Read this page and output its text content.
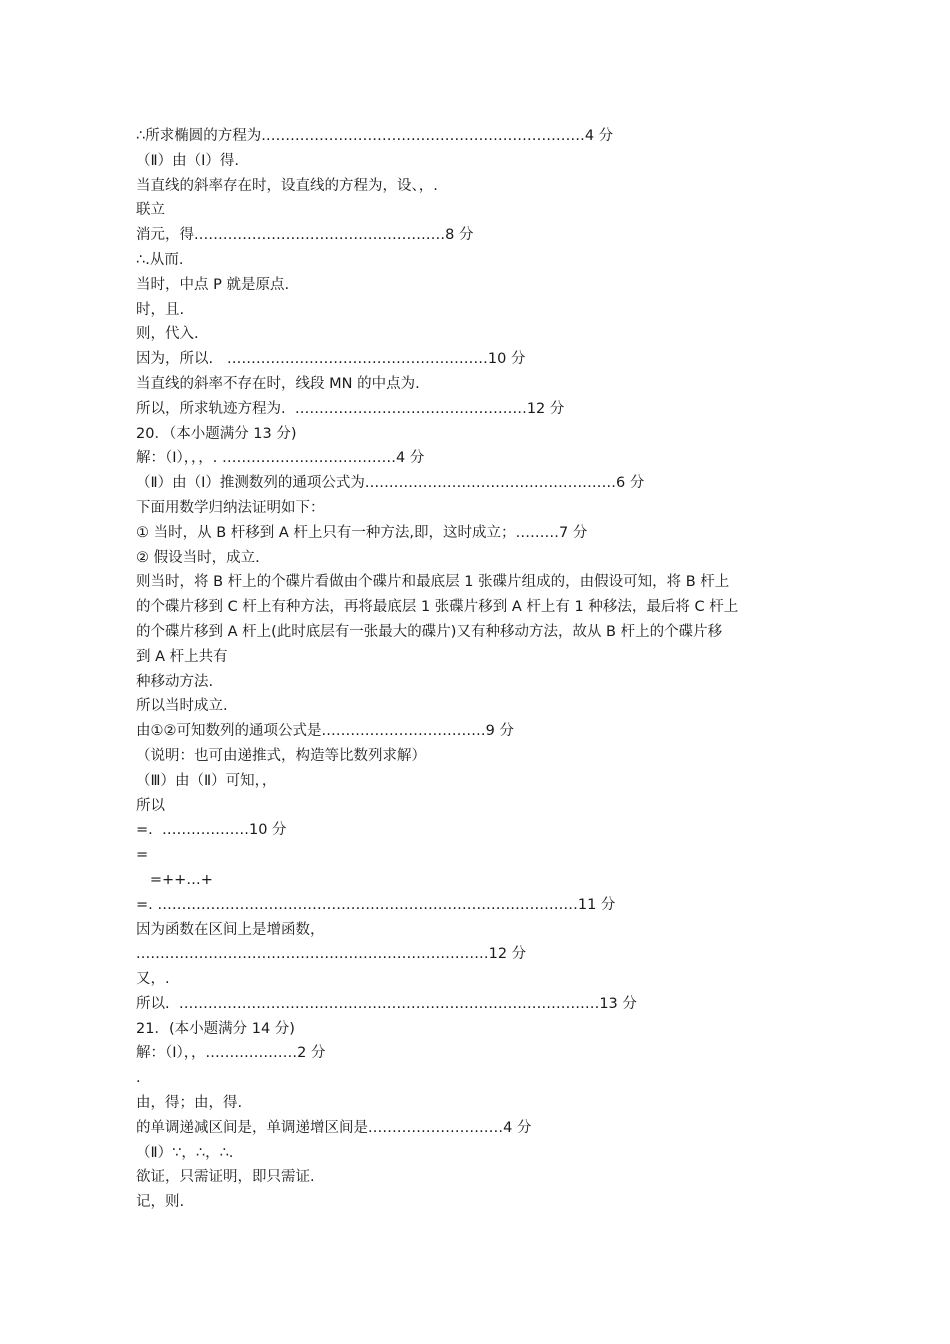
∴所求椭圆的方程为.…………………………………………………………4 分
（Ⅱ）由（Ⅰ）得.
当直线的斜率存在时，设直线的方程为，设、，.
联立
消元，得.……………………………………………8 分
∴.从而.
当时，中点 P 就是原点.
时，且.
则，代入.
因为，所以.   ………………………………………………10 分
当直线的斜率不存在时，线段 MN 的中点为.
所以，所求轨迹方程为.  …………………………………………12 分
20．（本小题满分 13 分)
解：（Ⅰ），，，. ………………………………4 分
（Ⅱ）由（Ⅰ）推测数列的通项公式为.……………………………………………6 分
下面用数学归纳法证明如下：
① 当时，从 B 杆移到 A 杆上只有一种方法,即，这时成立；………7 分
② 假设当时，成立.
则当时，将 B 杆上的个碟片看做由个碟片和最底层 1 张碟片组成的，由假设可知，将 B 杆上
的个碟片移到 C 杆上有种方法，再将最底层 1 张碟片移到 A 杆上有 1 种移法，最后将 C 杆上
的个碟片移到 A 杆上(此时底层有一张最大的碟片)又有种移动方法，故从 B 杆上的个碟片移
到 A 杆上共有
种移动方法.
所以当时成立.
由①②可知数列的通项公式是.……………………………9 分
（说明：也可由递推式，构造等比数列求解）
（Ⅲ）由（Ⅱ）可知，，
所以
=.  ………………10 分
=
=++…+
=. ……………………………………………………………………………11 分
因为函数在区间上是增函数，
.………………………………………………………………12 分
又，.
所以.  ……………………………………………………………………………13 分
21．(本小题满分 14 分)
解：（Ⅰ），，.………………2 分
.
由，得；由，得.
的单调递减区间是，单调递增区间是.………………………4 分
（Ⅱ）∵，∴，∴.
欲证，只需证明，即只需证.
记，则.
